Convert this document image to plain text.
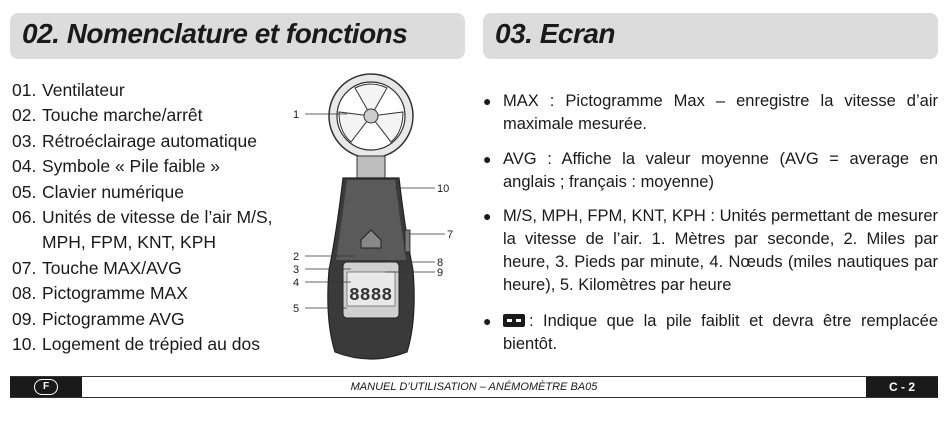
02. Nomenclature et fonctions	03. Ecran
01. Ventilateur
02. Touche marche/arrêt
03. Rétroéclairage automatique
04. Symbole « Pile faible »
05. Clavier numérique
06. Unités de vitesse de l’air M/S, MPH, FPM, KNT, KPH
07. Touche MAX/AVG
08. Pictogramme MAX
09. Pictogramme AVG
10. Logement de trépied au dos
8888
1
10
7
2
3
4
5
8
9
● MAX : Pictogramme Max – enregistre la vitesse d’air maximale mesurée.
● AVG : Affiche la valeur moyenne (AVG = average en anglais ; français : moyenne)
● M/S, MPH, FPM, KNT, KPH : Unités permettant de mesurer la vitesse de l’air. 1. Mètres par seconde, 2. Miles par heure, 3. Pieds par minute, 4. Nœuds (miles nautiques par heure), 5. Kilomètres par heure
●	: Indique que la pile faiblit et devra être remplacée bientôt.
F	MANUEL D’UTILISATION – ANÉMOMÈTRE BA05	C - 2
